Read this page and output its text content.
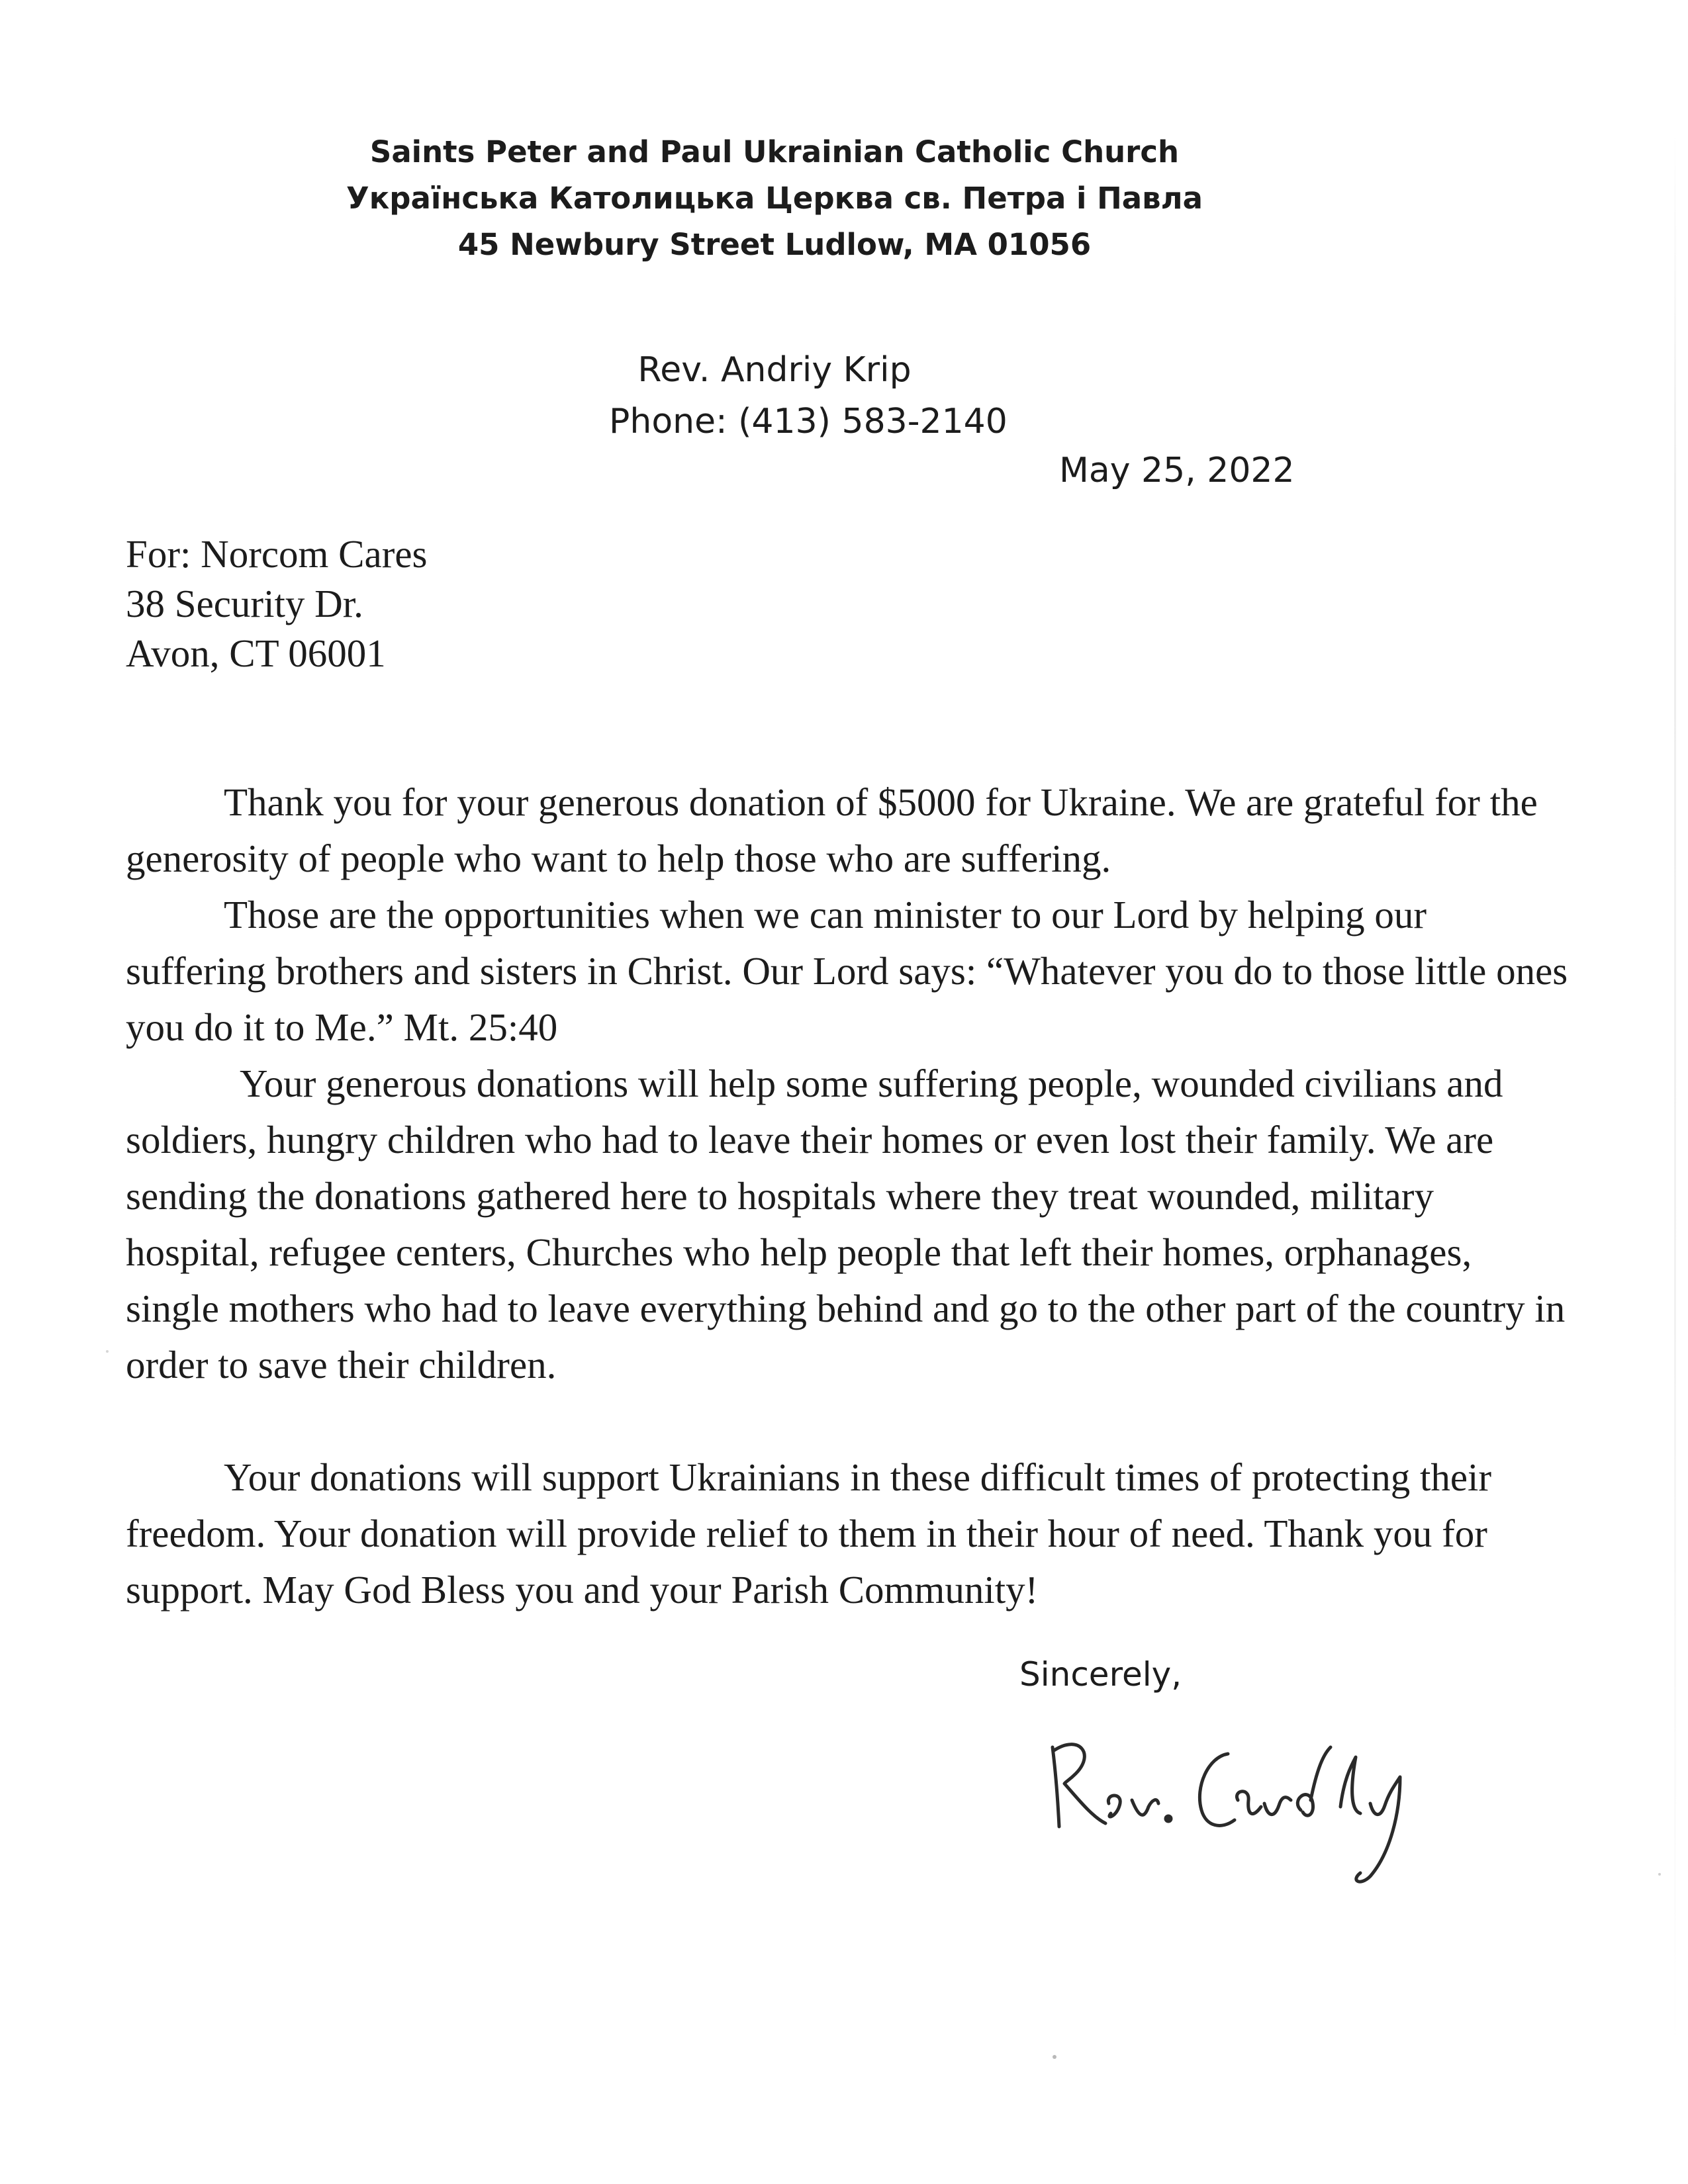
Saints Peter and Paul Ukrainian Catholic Church
Українська Католицька Церква св. Петра і Павла
45 Newbury Street Ludlow, MA 01056
Rev. Andriy Krip
Phone: (413) 583-2140
May 25, 2022
For: Norcom Cares
38 Security Dr.
Avon, CT 06001

Thank you for your generous donation of $5000 for Ukraine. We are grateful for the generosity of people who want to help those who are suffering.

Those are the opportunities when we can minister to our Lord by helping our suffering brothers and sisters in Christ. Our Lord says: “Whatever you do to those little ones you do it to Me.” Mt. 25:40

Your generous donations will help some suffering people, wounded civilians and soldiers, hungry children who had to leave their homes or even lost their family. We are sending the donations gathered here to hospitals where they treat wounded, military hospital, refugee centers, Churches who help people that left their homes, orphanages, single mothers who had to leave everything behind and go to the other part of the country in order to save their children.

Your donations will support Ukrainians in these difficult times of protecting their freedom. Your donation will provide relief to them in their hour of need. Thank you for support. May God Bless you and your Parish Community!

Sincerely,
